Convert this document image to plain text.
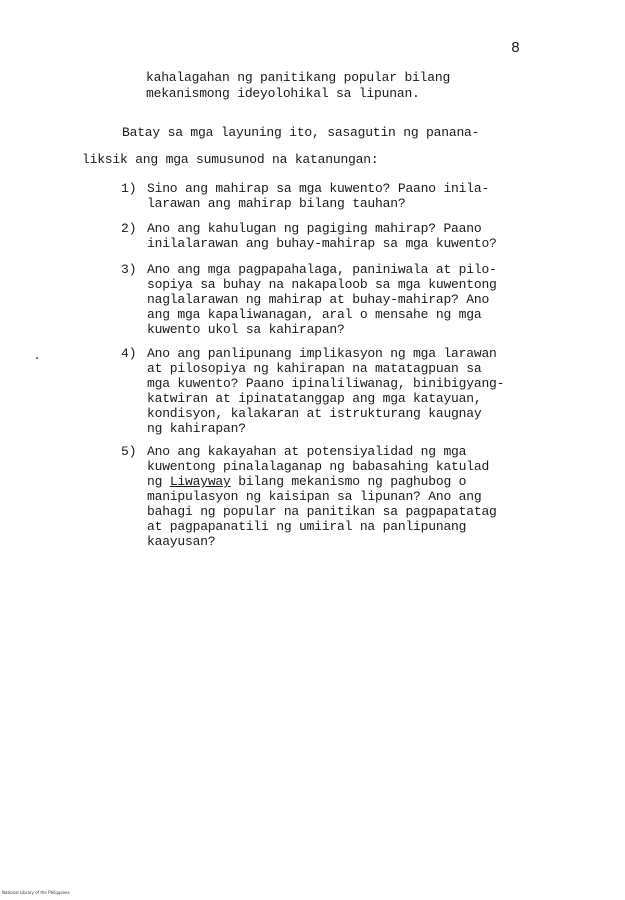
8
kahalagahan ng panitikang popular bilang
mekanismong ideyolohikal sa lipunan.
Batay sa mga layuning ito, sasagutin ng panana-
liksik ang mga sumusunod na katanungan:
1) Sino ang mahirap sa mga kuwento? Paano inila-
larawan ang mahirap bilang tauhan?
2) Ano ang kahulugan ng pagiging mahirap? Paano
inilalarawan ang buhay-mahirap sa mga kuwento?
3) Ano ang mga pagpapahalaga, paniniwala at pilo-
sopiya sa buhay na nakapaloob sa mga kuwentong
naglalarawan ng mahirap at buhay-mahirap? Ano
ang mga kapaliwanagan, aral o mensahe ng mga
kuwento ukol sa kahirapan?
4) Ano ang panlipunang implikasyon ng mga larawan
at pilosopiya ng kahirapan na matatagpuan sa
mga kuwento? Paano ipinaliliwanag, binibigyang-
katwiran at ipinatatanggap ang mga katayuan,
kondisyon, kalakaran at istrukturang kaugnay
ng kahirapan?
5) Ano ang kakayahan at potensiyalidad ng mga
kuwentong pinalalaganap ng babasahing katulad
ng Liwayway bilang mekanismo ng paghubog o
manipulasyon ng kaisipan sa lipunan? Ano ang
bahagi ng popular na panitikan sa pagpapatatag
at pagpapanatili ng umiiral na panlipunang
kaayusan?
National Library of the Philippines
